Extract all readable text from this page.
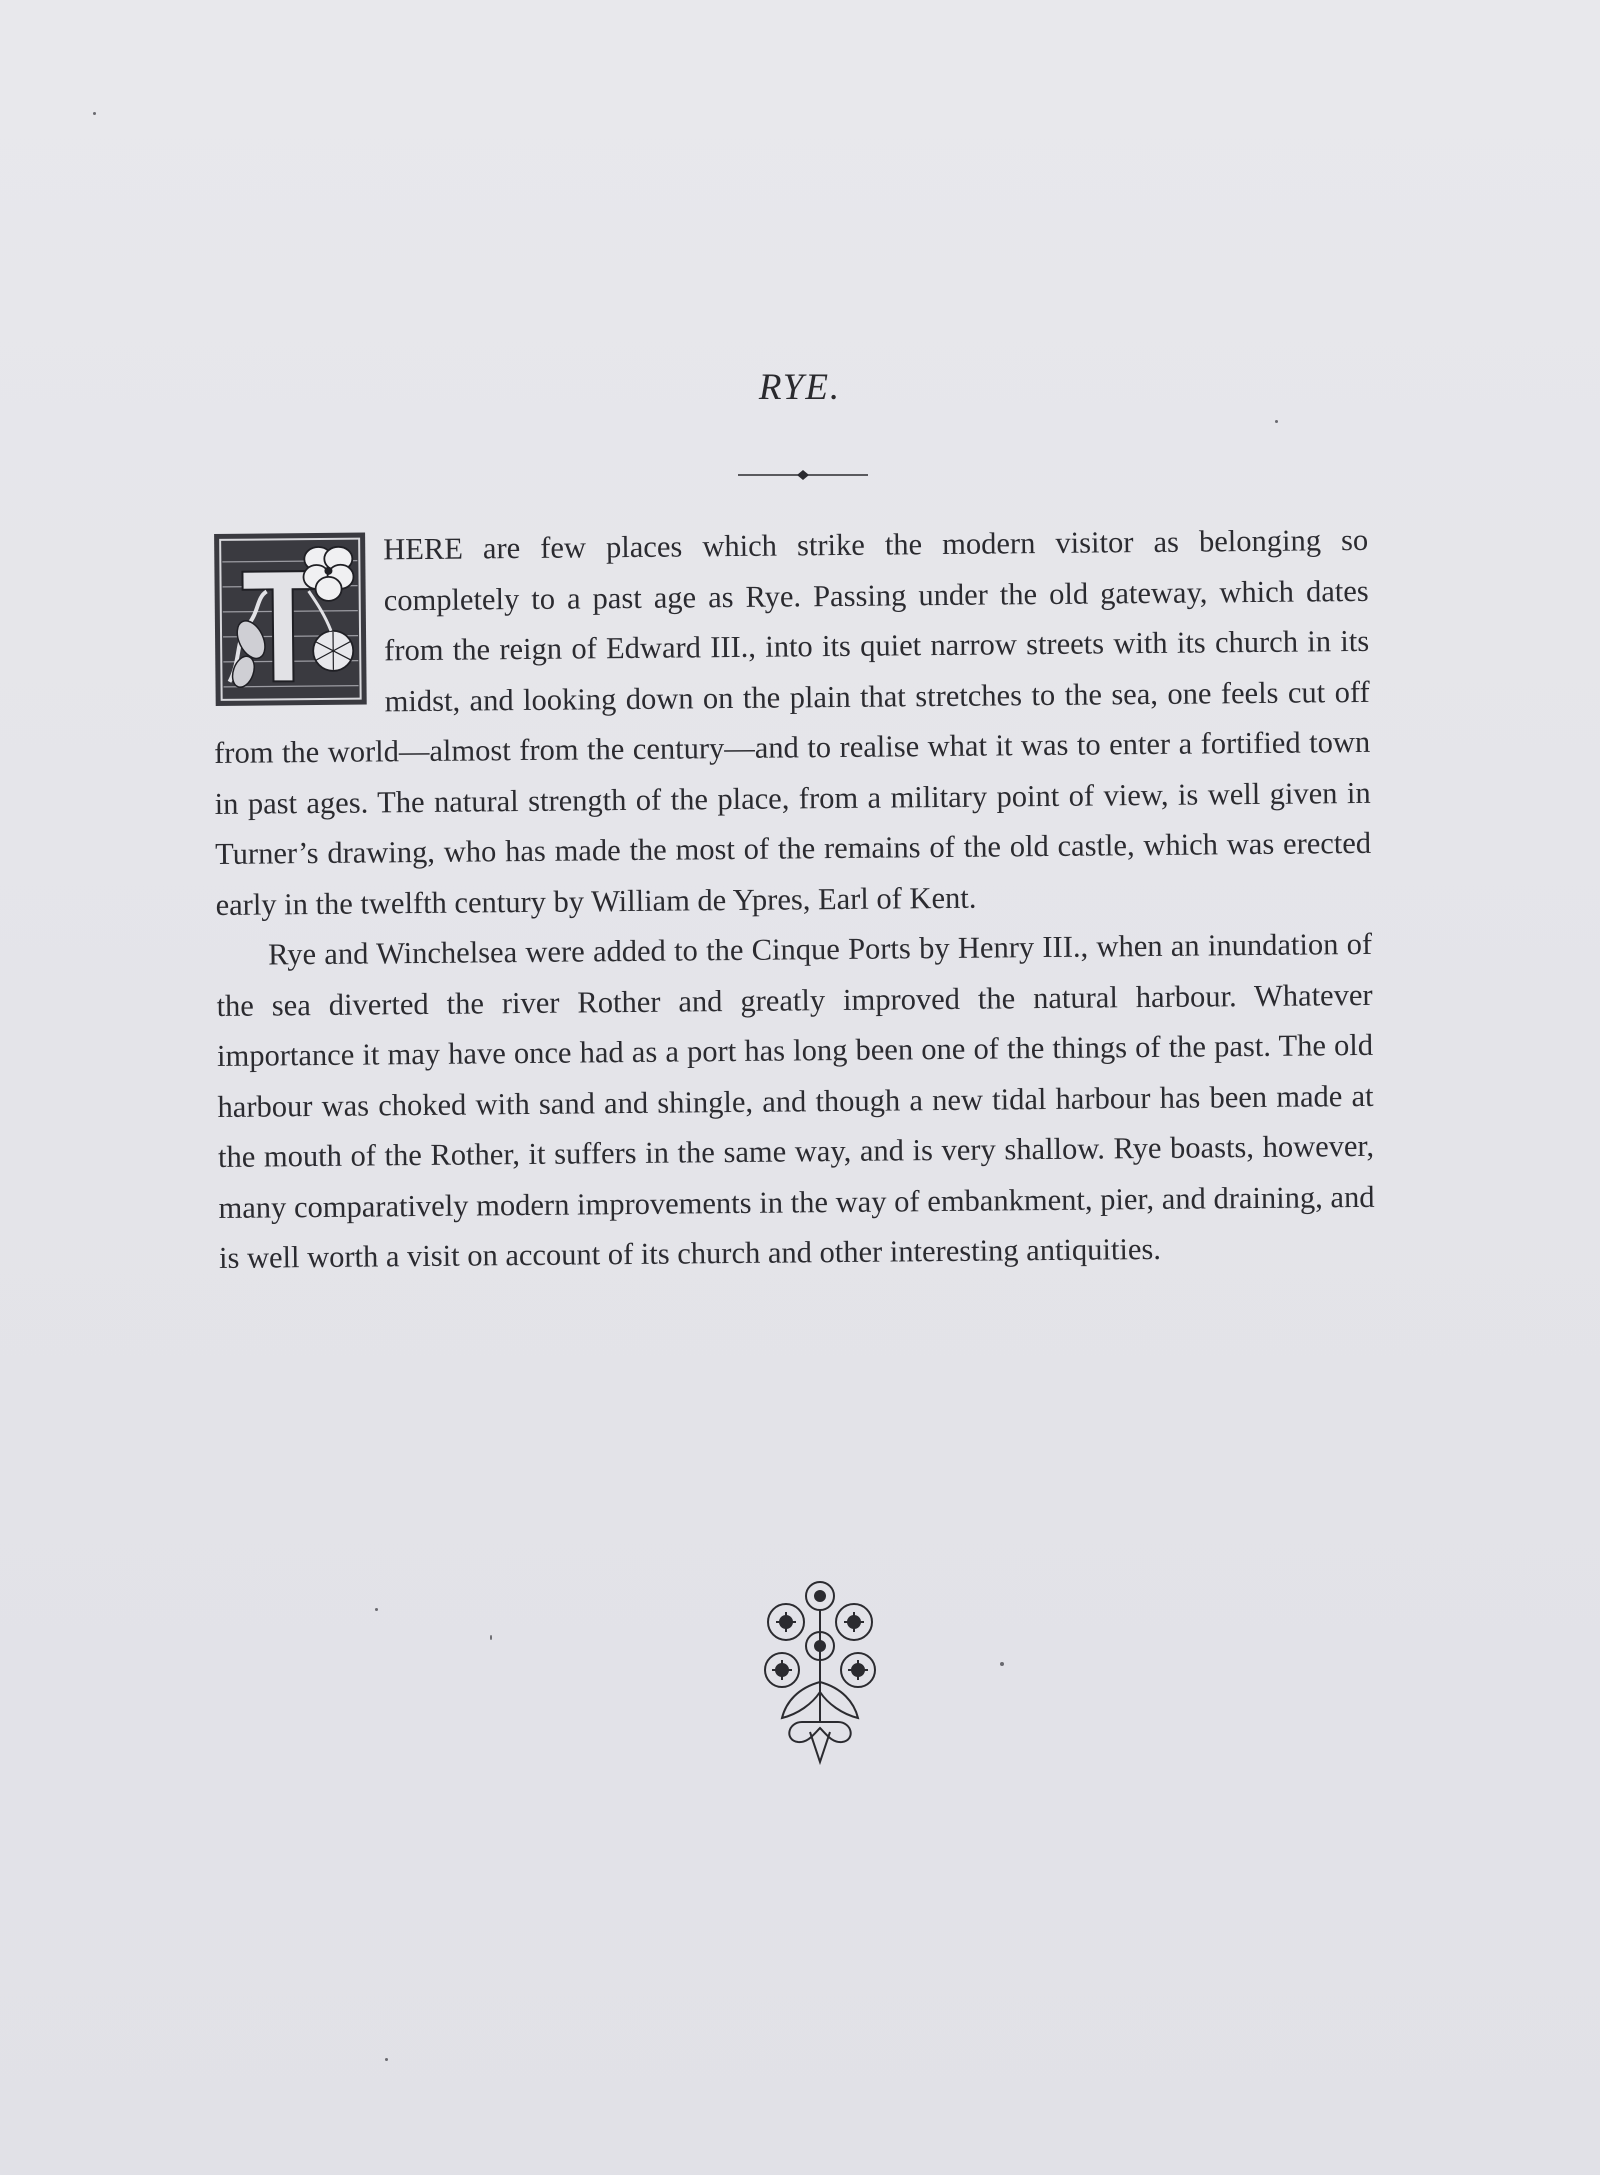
RYE.

HERE are few places which strike the modern visitor as belonging so completely to a past age as Rye. Passing under the old gateway, which dates from the reign of Edward III., into its quiet narrow streets with its church in its midst, and looking down on the plain that stretches to the sea, one feels cut off from the world—almost from the century—and to realise what it was to enter a fortified town in past ages. The natural strength of the place, from a military point of view, is well given in Turner’s drawing, who has made the most of the remains of the old castle, which was erected early in the twelfth century by William de Ypres, Earl of Kent.

Rye and Winchelsea were added to the Cinque Ports by Henry III., when an inundation of the sea diverted the river Rother and greatly improved the natural harbour. Whatever importance it may have once had as a port has long been one of the things of the past. The old harbour was choked with sand and shingle, and though a new tidal harbour has been made at the mouth of the Rother, it suffers in the same way, and is very shallow. Rye boasts, however, many comparatively modern improvements in the way of embankment, pier, and draining, and is well worth a visit on account of its church and other interesting antiquities.
